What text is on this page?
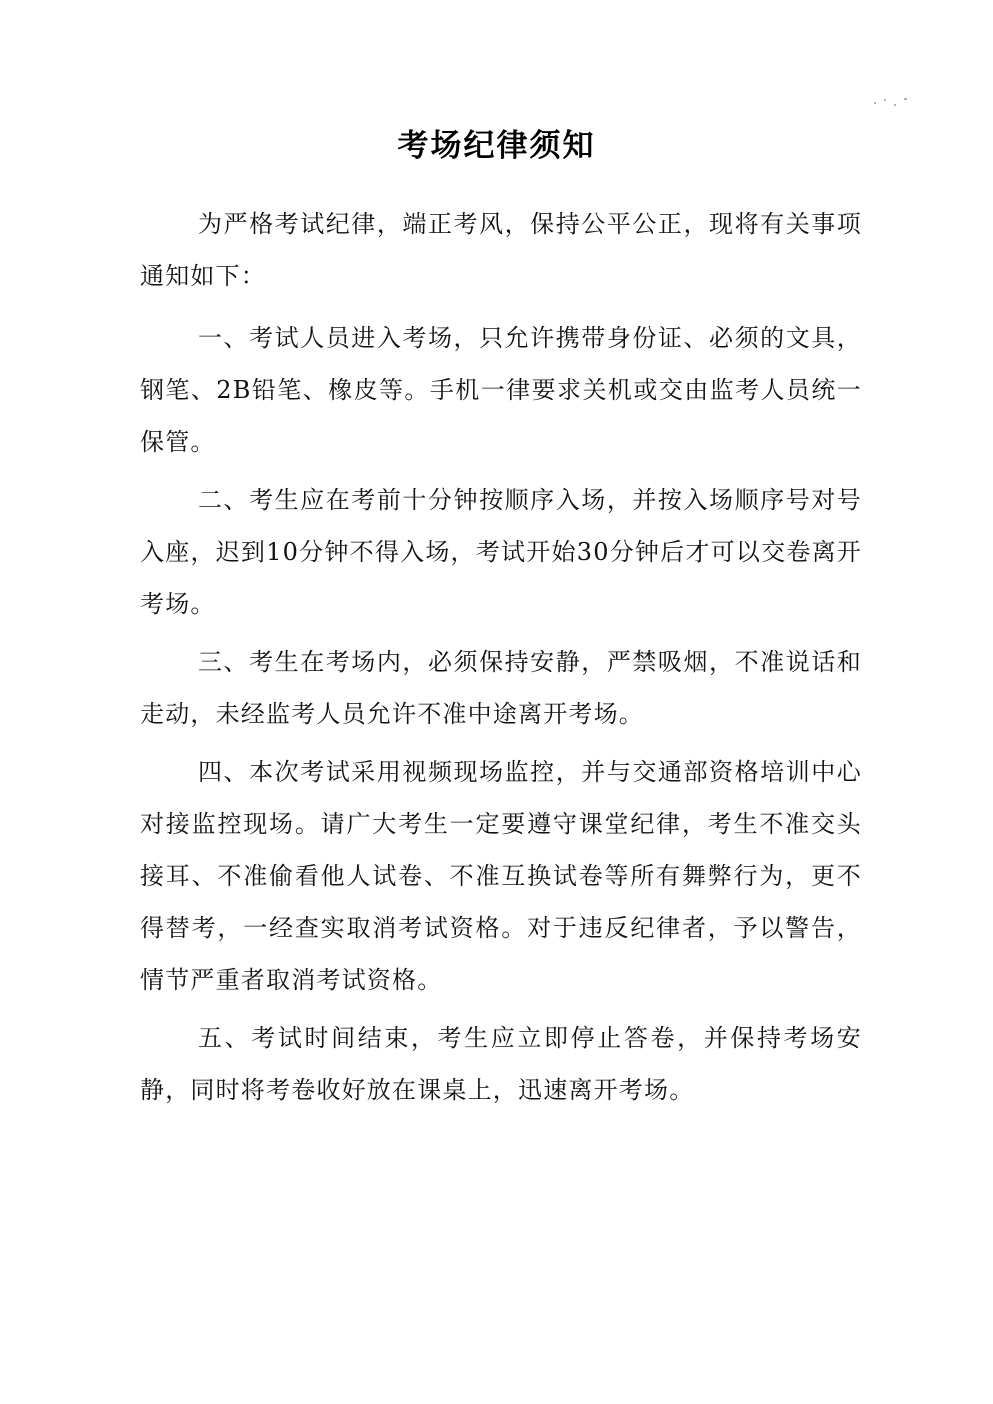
考场纪律须知

为严格考试纪律，端正考风，保持公平公正，现将有关事项通知如下：

一、考试人员进入考场，只允许携带身份证、必须的文具，钢笔、2B铅笔、橡皮等。手机一律要求关机或交由监考人员统一保管。

二、考生应在考前十分钟按顺序入场，并按入场顺序号对号入座，迟到10分钟不得入场，考试开始30分钟后才可以交卷离开考场。

三、考生在考场内，必须保持安静，严禁吸烟，不准说话和走动，未经监考人员允许不准中途离开考场。

四、本次考试采用视频现场监控，并与交通部资格培训中心对接监控现场。请广大考生一定要遵守课堂纪律，考生不准交头接耳、不准偷看他人试卷、不准互换试卷等所有舞弊行为，更不得替考，一经查实取消考试资格。对于违反纪律者，予以警告，情节严重者取消考试资格。

五、考试时间结束，考生应立即停止答卷，并保持考场安静，同时将考卷收好放在课桌上，迅速离开考场。
